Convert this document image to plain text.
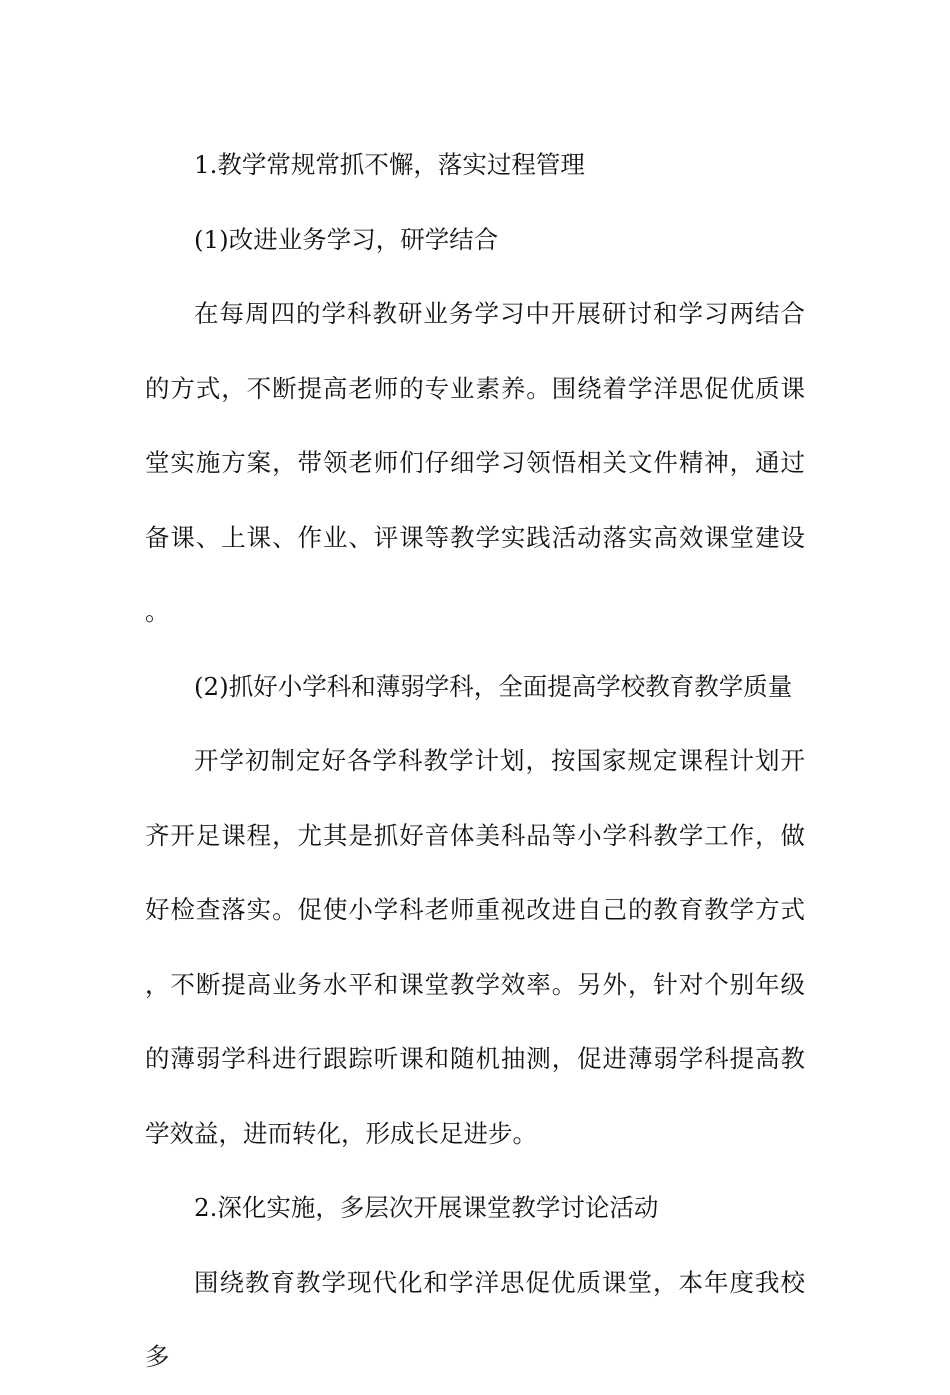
1.教学常规常抓不懈，落实过程管理

(1)改进业务学习，研学结合

在每周四的学科教研业务学习中开展研讨和学习两结合的方式，不断提高老师的专业素养。围绕着学洋思促优质课堂实施方案，带领老师们仔细学习领悟相关文件精神，通过备课、上课、作业、评课等教学实践活动落实高效课堂建设。

(2)抓好小学科和薄弱学科，全面提高学校教育教学质量

开学初制定好各学科教学计划，按国家规定课程计划开齐开足课程，尤其是抓好音体美科品等小学科教学工作，做好检查落实。促使小学科老师重视改进自己的教育教学方式，不断提高业务水平和课堂教学效率。另外，针对个别年级的薄弱学科进行跟踪听课和随机抽测，促进薄弱学科提高教学效益，进而转化，形成长足进步。

2.深化实施，多层次开展课堂教学讨论活动

围绕教育教学现代化和学洋思促优质课堂，本年度我校多
